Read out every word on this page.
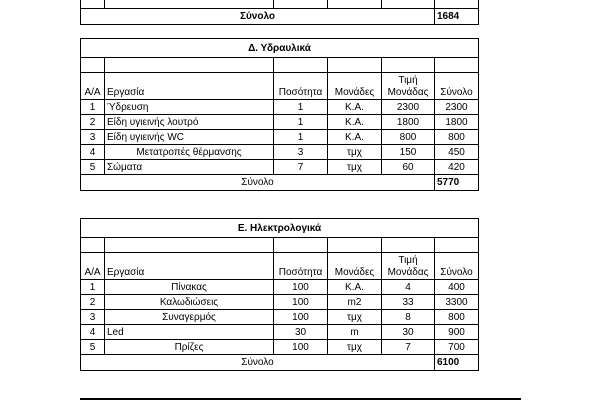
Σύνολο					1684
Δ. Υδραυλικά					

Α/Α	Εργασία	Ποσότητα	Μονάδες	Τιμή Μονάδας	Σύνολο
1	Ύδρευση	1	Κ.Α.	2300	2300
2	Είδη υγιεινής λουτρό	1	Κ.Α.	1800	1800
3	Είδη υγιεινής WC	1	Κ.Α.	800	800
4	Μετατροπές θέρμανσης	3	τμχ	150	450
5	Σώματα	7	τμχ	60	420
Σύνολο					5770
Ε. Ηλεκτρολογικά					

Α/Α	Εργασία	Ποσότητα	Μονάδες	Τιμή Μονάδας	Σύνολο
1	Πίνακας	100	Κ.Α.	4	400
2	Καλωδιώσεις	100	m2	33	3300
3	Συναγερμός	100	τμχ	8	800
4	Led	30	m	30	900
5	Πρίζες	100	τμχ	7	700
Σύνολο					6100
